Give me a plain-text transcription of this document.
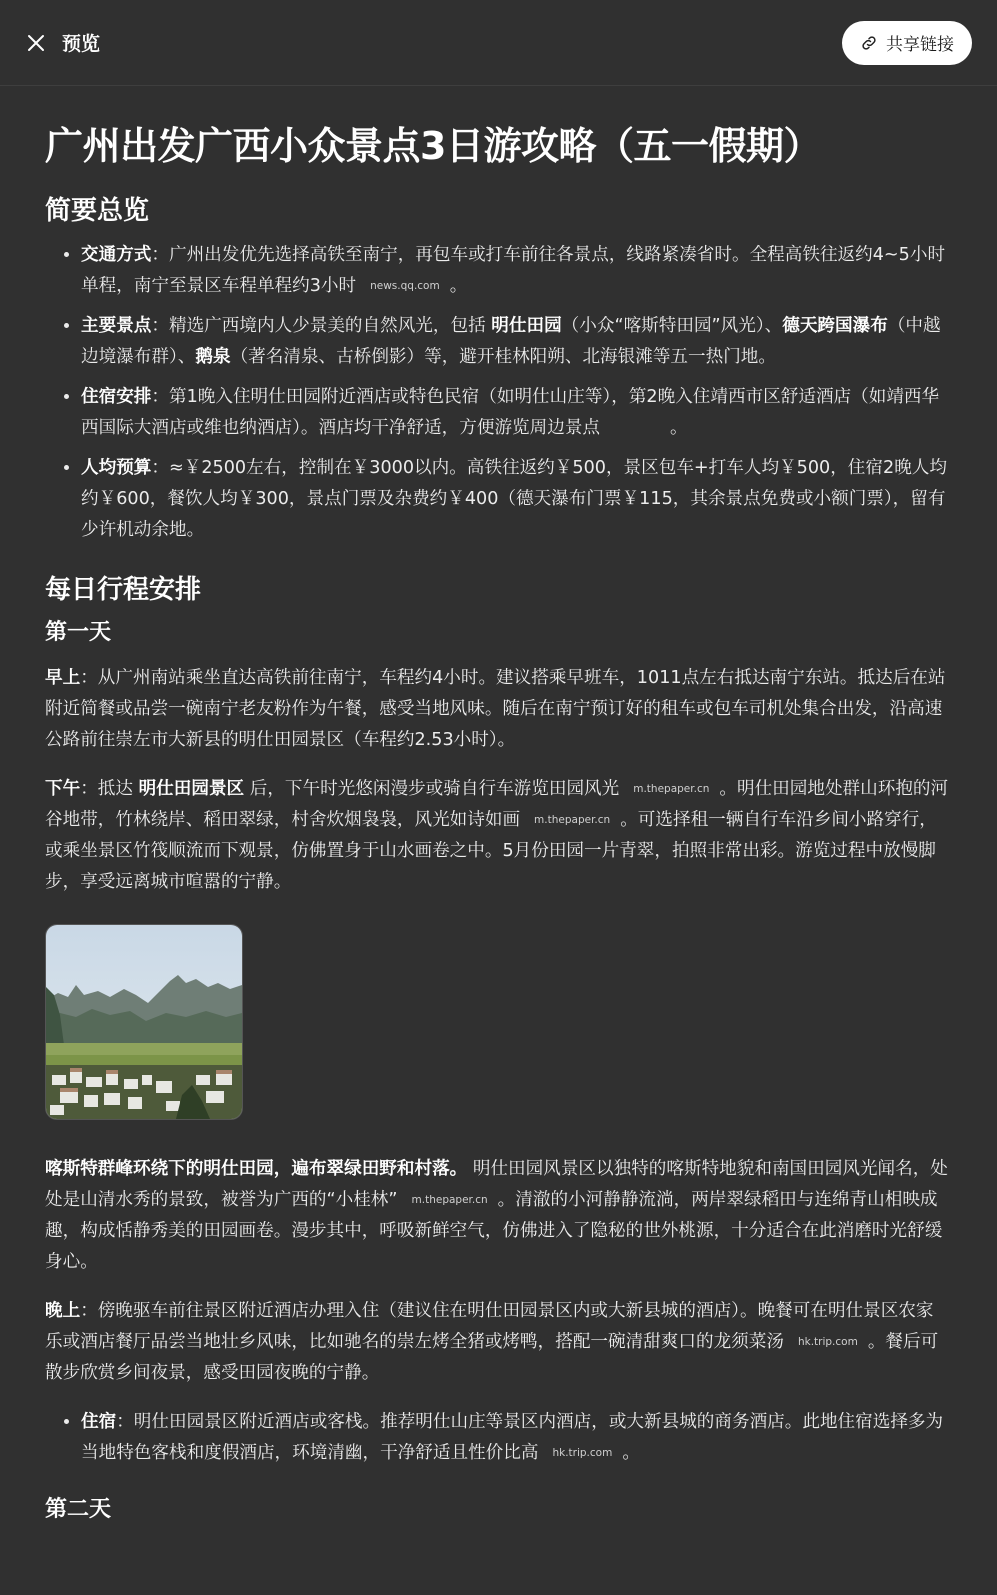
预览	共享链接
广州出发广西小众景点3日游攻略（五一假期）
简要总览
• 交通方式：广州出发优先选择高铁至南宁，再包车或打车前往各景点，线路紧凑省时。全程高铁往返约4~5小时单程，南宁至景区车程单程约3小时 news.qq.com 。
• 主要景点：精选广西境内人少景美的自然风光，包括 明仕田园（小众“喀斯特田园”风光）、德天跨国瀑布（中越边境瀑布群）、鹅泉（著名清泉、古桥倒影）等，避开桂林阳朔、北海银滩等五一热门地。
• 住宿安排：第1晚入住明仕田园附近酒店或特色民宿（如明仕山庄等），第2晚入住靖西市区舒适酒店（如靖西华西国际大酒店或维也纳酒店）。酒店均干净舒适，方便游览周边景点	。
• 人均预算：≈￥2500左右，控制在￥3000以内。高铁往返约￥500，景区包车+打车人均￥500，住宿2晚人均约￥600，餐饮人均￥300，景点门票及杂费约￥400（德天瀑布门票￥115，其余景点免费或小额门票），留有少许机动余地。
每日行程安排
第一天

早上：从广州南站乘坐直达高铁前往南宁，车程约4小时。建议搭乘早班车，1011点左右抵达南宁东站。抵达后在站附近简餐或品尝一碗南宁老友粉作为午餐，感受当地风味。随后在南宁预订好的租车或包车司机处集合出发，沿高速公路前往崇左市大新县的明仕田园景区（车程约2.53小时）。

下午：抵达 明仕田园景区 后，下午时光悠闲漫步或骑自行车游览田园风光 m.thepaper.cn 。明仕田园地处群山环抱的河谷地带，竹林绕岸、稻田翠绿，村舍炊烟袅袅，风光如诗如画 m.thepaper.cn 。可选择租一辆自行车沿乡间小路穿行，或乘坐景区竹筏顺流而下观景，仿佛置身于山水画卷之中。5月份田园一片青翠，拍照非常出彩。游览过程中放慢脚步，享受远离城市喧嚣的宁静。

喀斯特群峰环绕下的明仕田园，遍布翠绿田野和村落。 明仕田园风景区以独特的喀斯特地貌和南国田园风光闻名，处处是山清水秀的景致，被誉为广西的“小桂林” m.thepaper.cn 。清澈的小河静静流淌，两岸翠绿稻田与连绵青山相映成趣，构成恬静秀美的田园画卷。漫步其中，呼吸新鲜空气，仿佛进入了隐秘的世外桃源，十分适合在此消磨时光舒缓身心。

晚上：傍晚驱车前往景区附近酒店办理入住（建议住在明仕田园景区内或大新县城的酒店）。晚餐可在明仕景区农家乐或酒店餐厅品尝当地壮乡风味，比如驰名的崇左烤全猪或烤鸭，搭配一碗清甜爽口的龙须菜汤 hk.trip.com 。餐后可散步欣赏乡间夜景，感受田园夜晚的宁静。

• 住宿：明仕田园景区附近酒店或客栈。推荐明仕山庄等景区内酒店，或大新县城的商务酒店。此地住宿选择多为当地特色客栈和度假酒店，环境清幽，干净舒适且性价比高 hk.trip.com 。
第二天
